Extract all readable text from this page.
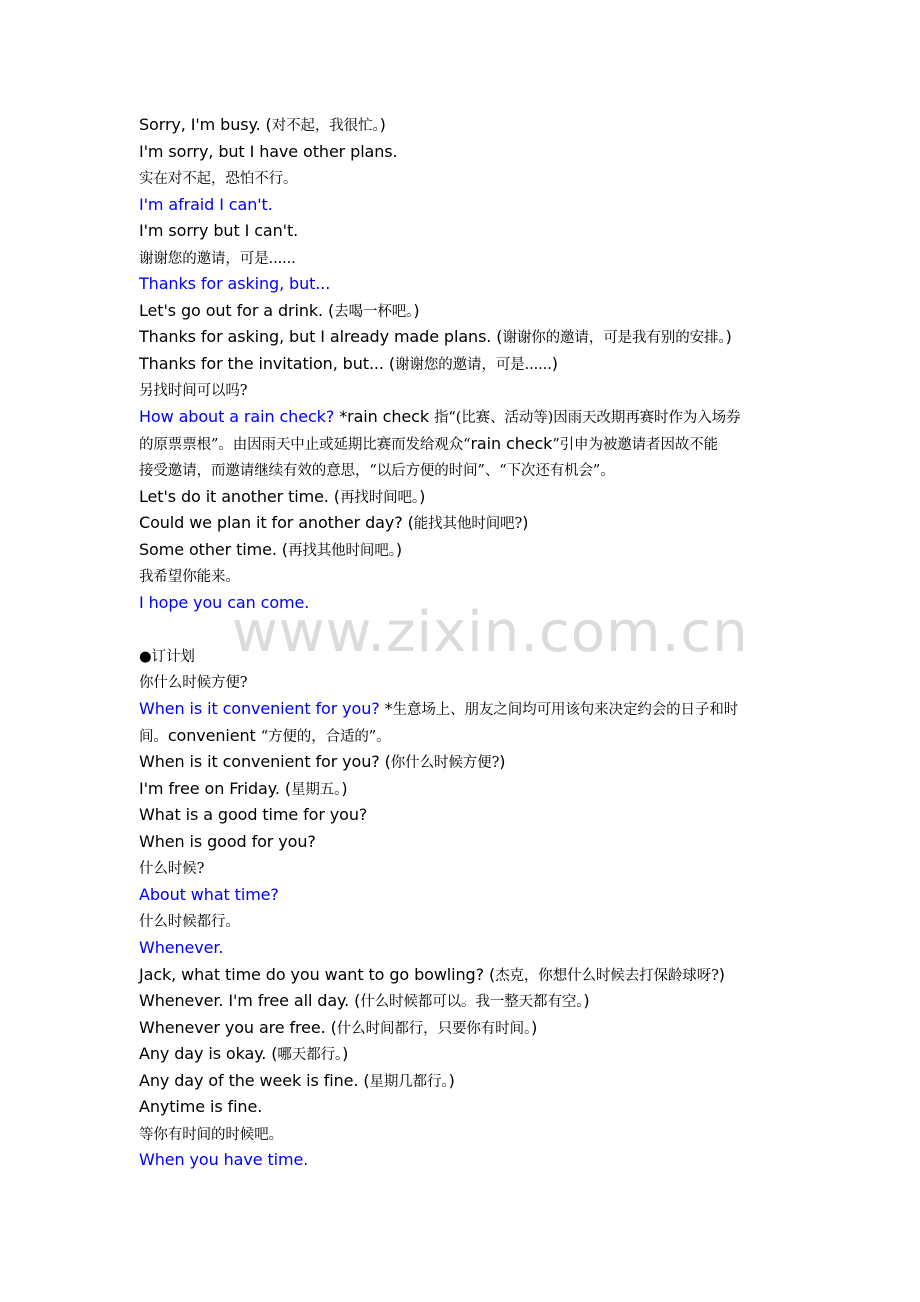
Sorry, I'm busy. (对不起，我很忙。)
I'm sorry, but I have other plans.
实在对不起，恐怕不行。
I'm afraid I can't.
I'm sorry but I can't.
谢谢您的邀请，可是......
Thanks for asking, but...
Let's go out for a drink. (去喝一杯吧。)
Thanks for asking, but I already made plans. (谢谢你的邀请，可是我有别的安排。)
Thanks for the invitation, but... (谢谢您的邀请，可是......)
另找时间可以吗?
How about a rain check? *rain check 指“(比赛、活动等)因雨天改期再赛时作为入场券
的原票票根”。由因雨天中止或延期比赛而发给观众“rain check”引申为被邀请者因故不能
接受邀请，而邀请继续有效的意思，“以后方便的时间”、“下次还有机会”。
Let's do it another time. (再找时间吧。)
Could we plan it for another day? (能找其他时间吧?)
Some other time. (再找其他时间吧。)
我希望你能来。
I hope you can come.
●订计划
你什么时候方便?
When is it convenient for you? *生意场上、朋友之间均可用该句来决定约会的日子和时
间。convenient “方便的，合适的”。
When is it convenient for you? (你什么时候方便?)
I'm free on Friday. (星期五。)
What is a good time for you?
When is good for you?
什么时候?
About what time?
什么时候都行。
Whenever.
Jack, what time do you want to go bowling? (杰克，你想什么时候去打保龄球呀?)
Whenever. I'm free all day. (什么时候都可以。我一整天都有空。)
Whenever you are free. (什么时间都行，只要你有时间。)
Any day is okay. (哪天都行。)
Any day of the week is fine. (星期几都行。)
Anytime is fine.
等你有时间的时候吧。
When you have time.
www.zixin.com.cn
